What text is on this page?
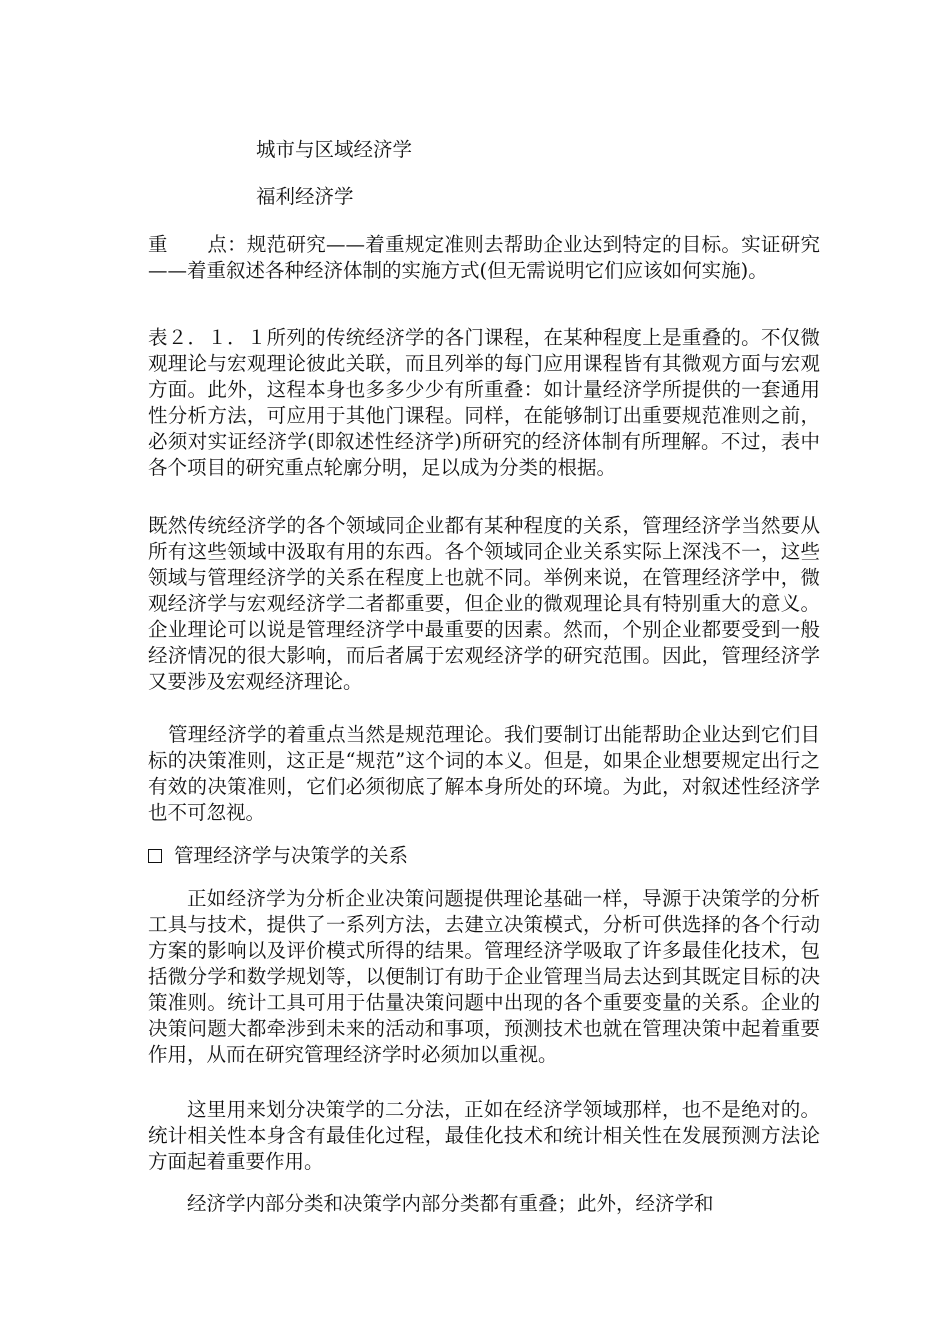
城市与区域经济学
福利经济学

重　　点：规范研究——着重规定准则去帮助企业达到特定的目标。实证研究——着重叙述各种经济体制的实施方式(但无需说明它们应该如何实施)。

表２．１．１所列的传统经济学的各门课程，在某种程度上是重叠的。不仅微观理论与宏观理论彼此关联，而且列举的每门应用课程皆有其微观方面与宏观方面。此外，这程本身也多多少少有所重叠：如计量经济学所提供的一套通用性分析方法，可应用于其他门课程。同样，在能够制订出重要规范准则之前，必须对实证经济学(即叙述性经济学)所研究的经济体制有所理解。不过，表中各个项目的研究重点轮廓分明，足以成为分类的根据。

既然传统经济学的各个领域同企业都有某种程度的关系，管理经济学当然要从所有这些领域中汲取有用的东西。各个领域同企业关系实际上深浅不一，这些领域与管理经济学的关系在程度上也就不同。举例来说，在管理经济学中，微观经济学与宏观经济学二者都重要，但企业的微观理论具有特别重大的意义。企业理论可以说是管理经济学中最重要的因素。然而，个别企业都要受到一般经济情况的很大影响，而后者属于宏观经济学的研究范围。因此，管理经济学又要涉及宏观经济理论。

管理经济学的着重点当然是规范理论。我们要制订出能帮助企业达到它们目标的决策准则，这正是“规范”这个词的本义。但是，如果企业想要规定出行之有效的决策准则，它们必须彻底了解本身所处的环境。为此，对叙述性经济学也不可忽视。

管理经济学与决策学的关系

正如经济学为分析企业决策问题提供理论基础一样，导源于决策学的分析工具与技术，提供了一系列方法，去建立决策模式，分析可供选择的各个行动方案的影响以及评价模式所得的结果。管理经济学吸取了许多最佳化技术，包括微分学和数学规划等，以便制订有助于企业管理当局去达到其既定目标的决策准则。统计工具可用于估量决策问题中出现的各个重要变量的关系。企业的决策问题大都牵涉到未来的活动和事项，预测技术也就在管理决策中起着重要作用，从而在研究管理经济学时必须加以重视。

这里用来划分决策学的二分法，正如在经济学领域那样，也不是绝对的。统计相关性本身含有最佳化过程，最佳化技术和统计相关性在发展预测方法论方面起着重要作用。

经济学内部分类和决策学内部分类都有重叠；此外，经济学和
